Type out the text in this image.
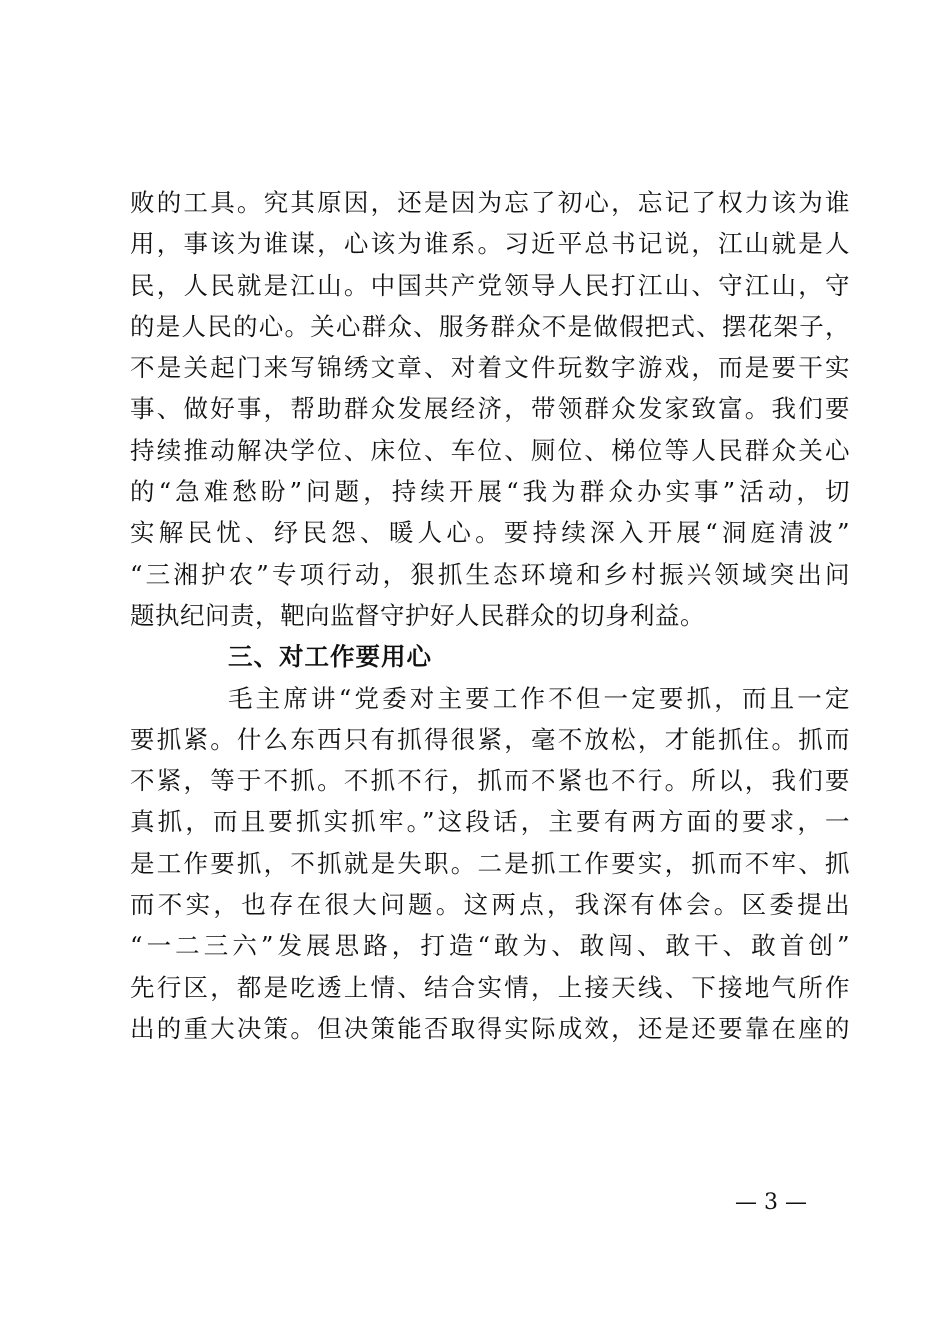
败的工具。究其原因，还是因为忘了初心，忘记了权力该为谁
用，事该为谁谋，心该为谁系。习近平总书记说，江山就是人
民，人民就是江山。中国共产党领导人民打江山、守江山，守
的是人民的心。关心群众、服务群众不是做假把式、摆花架子，
不是关起门来写锦绣文章、对着文件玩数字游戏，而是要干实
事、做好事，帮助群众发展经济，带领群众发家致富。我们要
持续推动解决学位、床位、车位、厕位、梯位等人民群众关心
的“急难愁盼”问题，持续开展“我为群众办实事”活动，切
实解民忧、纾民怨、暖人心。要持续深入开展“洞庭清波”
“三湘护农”专项行动，狠抓生态环境和乡村振兴领域突出问
题执纪问责，靶向监督守护好人民群众的切身利益。
三、对工作要用心
毛主席讲“党委对主要工作不但一定要抓，而且一定
要抓紧。什么东西只有抓得很紧，毫不放松，才能抓住。抓而
不紧，等于不抓。不抓不行，抓而不紧也不行。所以，我们要
真抓，而且要抓实抓牢。”这段话，主要有两方面的要求，一
是工作要抓，不抓就是失职。二是抓工作要实，抓而不牢、抓
而不实，也存在很大问题。这两点，我深有体会。区委提出
“一二三六”发展思路，打造“敢为、敢闯、敢干、敢首创”
先行区，都是吃透上情、结合实情，上接天线、下接地气所作
出的重大决策。但决策能否取得实际成效，还是还要靠在座的
— 3 —
